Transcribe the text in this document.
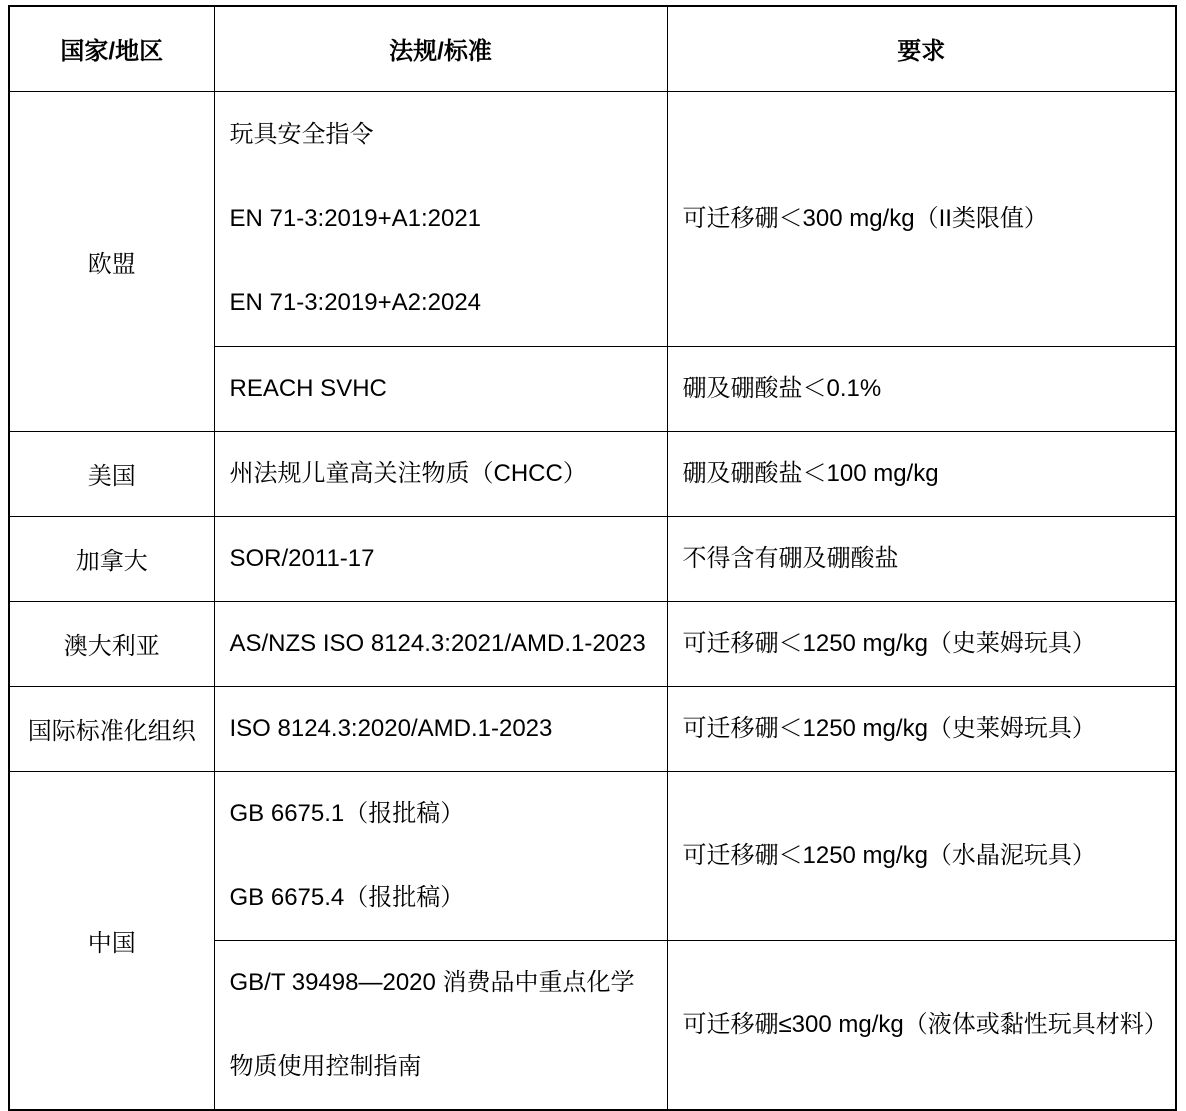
国家/地区	法规/标准	要求
欧盟	玩具安全指令
EN 71-3:2019+A1:2021
EN 71-3:2019+A2:2024	可迁移硼＜300 mg/kg（II类限值）

	REACH SVHC	硼及硼酸盐＜0.1%

美国	州法规儿童高关注物质（CHCC）	硼及硼酸盐＜100 mg/kg

加拿大	SOR/2011-17	不得含有硼及硼酸盐

澳大利亚	AS/NZS ISO 8124.3:2021/AMD.1-2023	可迁移硼＜1250 mg/kg（史莱姆玩具）

国际标准化组织	ISO 8124.3:2020/AMD.1-2023	可迁移硼＜1250 mg/kg（史莱姆玩具）

中国	GB 6675.1（报批稿）
GB 6675.4（报批稿）	可迁移硼＜1250 mg/kg（水晶泥玩具）

	GB/T 39498—2020 消费品中重点化学物质使用控制指南	可迁移硼≤300 mg/kg（液体或黏性玩具材料）
